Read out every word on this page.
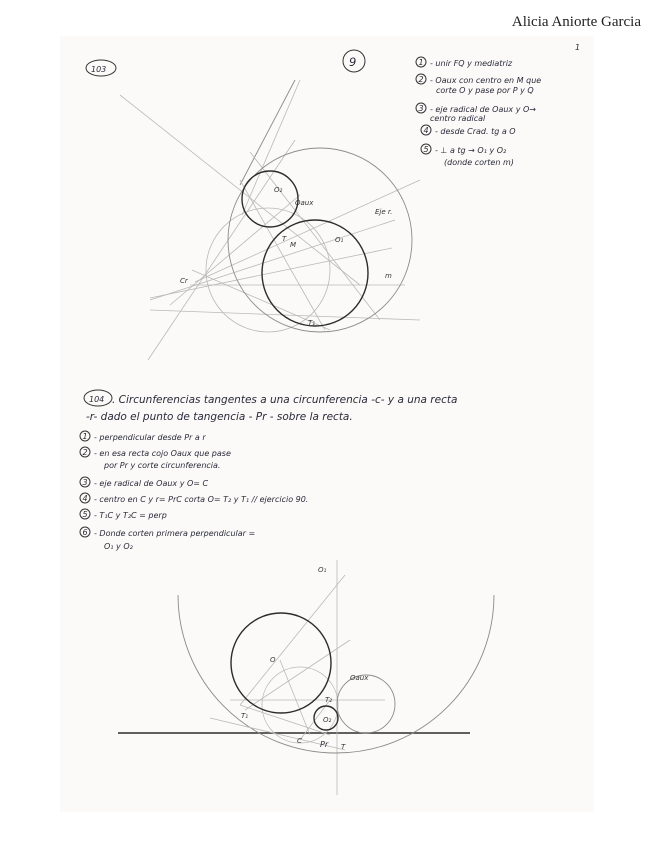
Alicia Aniorte Garcia
1
103
9	1 - unir FQ y mediatriz
2 - Oaux con centro en M que
corte O y pase por P y Q
3 - eje radical de Oaux y O→
centro radical
4 - desde Crad. tg a O
5 - ⊥ a tg → O₁ y O₂
(donde corten m)
O₂
Oaux
O₁
Cr
Eje r.
m
T₁
T
M
104 . Circunferencias tangentes a una circunferencia -c- y a una recta
-r- dado el punto de tangencia - Pr - sobre la recta.
1 - perpendicular desde Pr a r
2 - en esa recta cojo Oaux que pase
por Pr y corte circunferencia.
3 - eje radical de Oaux y O= C
4 - centro en C y r= PrC corta O= T₂ y T₁ // ejercicio 90.
5 - T₁C y T₂C = perp
6 - Donde corten primera perpendicular =
O₁ y O₂
O₁
O
Oaux
T₂
T₁	O₂
C Pr T
